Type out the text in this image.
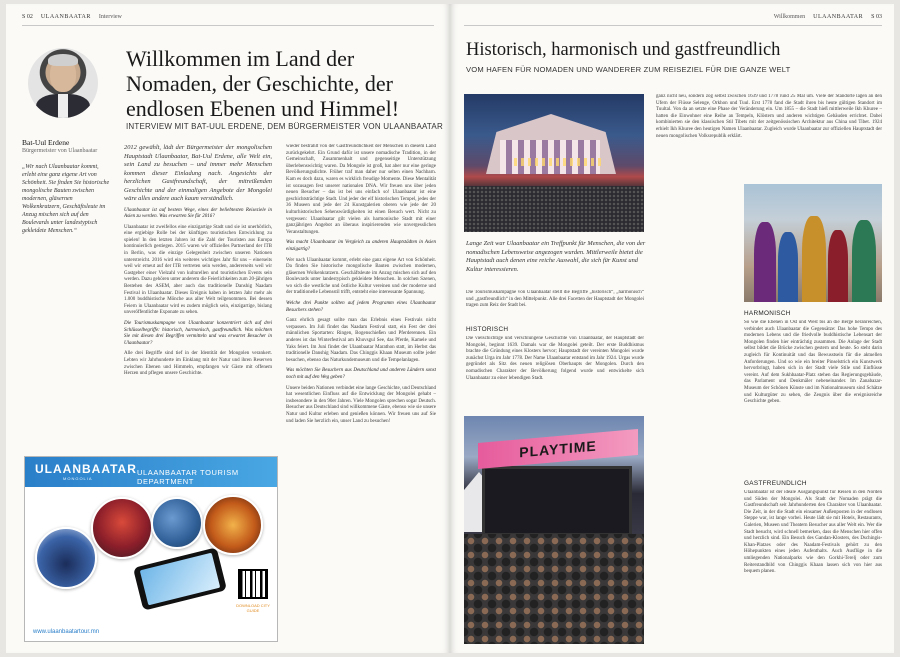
S 02 ULAANBAATAR Interview
Willkommen im Land der Nomaden, der Geschichte, der endlosen Ebenen und Himmel!
INTERVIEW MIT BAT-UUL ERDENE, DEM BÜRGERMEISTER VON ULAANBAATAR
Bat-Uul Erdene
Bürgermeister von Ulaanbaatar
„Wir nach Ulaanbaatar kommt, erlebt eine ganz eigene Art von Schönheit. Sie finden Sie historische mongolische Bauten zwischen modernen, gläsernen Wolkenkratzern, Geschäftsleute im Anzug mischen sich auf den Boulevards unter landestypisch gekleidete Menschen.“

2012 gewählt, lädt der Bürgermeister der mongolischen Hauptstadt Ulaanbaatar, Bat-Uul Erdene, alle Welt ein, sein Land zu besuchen – und immer mehr Menschen kommen dieser Einladung nach. Angesichts der herzlichen Gastfreundschaft, der mitreißenden Geschichte und der einmaligen Angebote der Mongolei wäre alles andere auch kaum verständlich.

Ulaanbaatar ist auf bestem Wege, eines der beliebtesten Reiseziele in Asien zu werden. Was erwarten Sie für 2016?

Ulaanbaatar ist zweifellos eine einzigartige Stadt und sie ist unerhörlich, eine ergiebige Rolle bei der künftigen touristischen Entwicklung zu spielen! In den letzten Jahren ist die Zahl der Touristen aus Europa kontinuierlich gestiegen. 2015 waren wir offizielles Partnerland der ITB in Berlin, was die einzige Gelegenheit zwischen unseren Nationen unterstreicht. 2016 wird ein weiteres wichtiges Jahr für uns – einerseits weil wir erneut auf der ITB vertreten sein werden, andererseits weil wir Gastgeber einer Vielzahl von kulturellen und touristischen Events sein werden. Dazu gehören unter anderem die Feierlichkeiten zum 20-jährigen Bestehen des ASEM, aber auch das traditionelle Danshig Naadam Festival in Ulaanbaatar. Dieses Ereignis haben in letzten Jahr mehr als 1.000 buddhistische Mönche aus aller Welt teilgenommen. Bei dessen Feiern in Ulaanbaatar wird es zudem möglich sein, einzigartige, bislang unveröffentlichte Exponate zu sehen.

Die Tourismuskampagne von Ulaanbaatar konzentriert sich auf drei Schlüsselbegriffe: historisch, harmonisch, gastfreundlich. Was möchten Sie mit diesen drei Begriffen vermitteln und was erwartet Besucher in Ulaanbaatar?

Alle drei Begriffe sind tief in der Identität der Mongolen verankert. Lebten wir Jahrhunderte im Einklang mit der Natur und ihren Reserven zwischen Ebenen und Himmeln, empfangen wir Gäste mit offenem Herzen und pflegen unsere Geschichte.

wieder bestrahlt von der Gastfreundlichkeit der Menschen in diesem Land zurückgekehrt. Ein Grund dafür ist unsere nomadische Tradition, in der Gemeinschaft, Zusammenhalt und gegenseitige Unterstützung überlebenswichtig waren. Da Mongole ist groß, hat aber nur eine geringe Bevölkerungsdichte. Früher traf man daher nur selten einen Nachbarn. Kam es doch dazu, waren es wirklich freudige Momente. Diese Mentalität ist sozusagen fest unserer nationalen DNA. Wir freuen uns über jeden neuen Besucher – das ist bei uns einfach so! Ulaanbaatar ist eine geschichtsträchtige Stadt. Und jeder der elf historischen Tempel, jedes der 36 Museen und jede der 24 Kunstgalerien oberen wie jede der 20 kulturhistorischen Sehenswürdigkeiten ist einen Besuch wert. Nicht zu vergessen: Ulaanbaatar gilt vielen als harmonische Stadt mit einer ganzjährigen Angebot an überaus inspirierenden wie unvergesslichen Veranstaltungen.

Was macht Ulaanbaatar im Vergleich zu anderen Hauptstädten in Asien einzigartig?

Wer nach Ulaanbaatar kommt, erlebt eine ganz eigene Art von Schönheit. Da finden Sie historische mongolische Bauten zwischen modernen, gläsernen Wolkenkratzern. Geschäftsleute im Anzug mischen sich auf den Boulevards unter landestypisch gekleidete Menschen. In solchen Szenen, wo sich die westliche und östliche Kultur vereinen und der moderne und der traditionelle Lebensstil trifft, entsteht eine interessante Spannung.

Welche drei Punkte sollten auf jedem Programm eines Ulaanbaatar Besuchers stehen?

Ganz ehrlich gesagt sollte man das Erlebnis eines Festivals nicht verpassen. Im Juli findet das Naadam Festival statt, ein Fest der drei männlichen Sportarten: Ringen, Bogenschießen und Pferderennen. Ein anderes ist das Winterfestival am Khuvsgul See, das Pferde, Kamele und Yaks feiert. Im Juni findet der Ulaanbaatar Marathon statt, im Herbst das traditionelle Danshig Naadam. Das Chinggis Khaan Museum sollte jeder besuchen, ebenso das Naturkundemuseum und die Tempelanlagen.

Was möchten Sie Besuchern aus Deutschland und anderen Ländern sonst noch mit auf den Weg geben?

Unsere beiden Nationen verbindet eine lange Geschichte, und Deutschland hat wesentlichen Einfluss auf die Entwicklung der Mongolei gehabt – insbesondere in den 90er Jahren. Viele Mongolen sprechen sogar Deutsch. Besucher aus Deutschland sind willkommene Gäste, ebenso wie sie unsere Natur und Kultur erleben und genießen können. Wir freuen uns auf Sie und laden Sie herzlich ein, unser Land zu besuchen!

ULAANBAATAR
MONGOLIA
ULAANBAATAR TOURISM DEPARTMENT
DOWNLOAD CITY GUIDE
www.ulaanbaatartour.mn
Willkommen ULAANBAATAR S 03
Historisch, harmonisch und gastfreundlich
VOM HAFEN FÜR NOMADEN UND WANDERER ZUM REISEZIEL FÜR DIE GANZE WELT
Lange Zeit war Ulaanbaatar ein Treffpunkt für Menschen, die von der nomadischen Lebensweise angezogen wurden. Mittlerweile bietet die Hauptstadt auch denen eine reiche Auswahl, die sich für Kunst und Kultur interessieren.

Die Tourismuskampagne von Ulaanbaatar stellt die Begriffe „historisch“, „harmonisch“ und „gastfreundlich“ in den Mittelpunkt. Alle drei Facetten der Hauptstadt der Mongolei tragen zum Reiz der Stadt bei.

HISTORISCH

Die vielschichtige und verschlungene Geschichte von Ulaanbaatar, der Hauptstadt der Mongolei, beginnt 1639. Damals war die Mongolei geteilt. Der erste Buddhismus brachte die Gründung eines Klosters hervor; Hauptstadt der vereinten Mongolei wurde zunächst Urga im Jahr 1778. Der Name Ulaanbaatar entstand im Jahr 1924. Urgas wurde gegründet als Sitz des neuen religiösen Oberhaupts der Mongolen. Durch den nomadischen Charakter der Bevölkerung folgend wurde und entwickelte sich Ulaanbaatar zu einer lebendigen Stadt.

ganz nicht neu, sondern zog selbst zwischen 1639 und 1778 rund 25 Mal um. Viele der Standorte lagen an den Ufern der Flüsse Selenge, Orkhon und Tuul. Erst 1778 fand die Stadt ihren bis heute gültigen Standort im Tuultal. Von da an setzte eine Phase der Veränderung ein. Um 1855 – die Stadt hieß mittlerweile Ikh Khuree – hatten die Einwohner eine Reihe an Tempeln, Klöstern und anderen wichtigen Gebäuden errichtet. Dabei kombinierten sie den klassischen Stil Tibets mit der zeitgenössischen Architektur aus China und Tibet. 1924 erhielt Ikh Khuree den heutigen Namen Ulaanbaatar. Zugleich wurde Ulaanbaatar zur offiziellen Hauptstadt der neuen mongolischen Volksrepublik erklärt.

PLAYTIME
HARMONISCH

So wie die Ebenen in Ost und West bis an die Berge heranreichen, verbindet auch Ulaanbaatar die Gegensätze: Das hohe Tempo des modernen Lebens und die friedvolle buddhistische Lebensart der Mongolen finden hier einträchtig zusammen. Die Anlage der Stadt selbst bildet die Brücke zwischen gestern und heute. So steht darin zugleich für Kontinuität und das Bewusstsein für die aktuellen Anforderungen. Und so wie ein breiter Pinselstrich ein Kunstwerk hervorbringt, haben sich in der Stadt viele Stile und Einflüsse vereint. Auf dem Sukhbaatar-Platz stehen das Regierungsgebäude, das Parlament und Denkmäler nebeneinander. Im Zanabazar-Museum der Schönen Künste und im Nationalmuseum sind Schätze und Kulturgüter zu sehen, die Zeugnis über die ereignisreiche Geschichte geben.

GASTFREUNDLICH

Ulaanbaatar ist der ideale Ausgangspunkt für Reisen in den Norden und Süden der Mongolei. Als Stadt der Nomaden prägt die Gastfreundschaft seit Jahrhunderten den Charakter von Ulaanbaatar. Die Zeit, in der die Stadt ein einsamer Außenposten in der endlosen Steppe war, ist lange vorbei. Heute lädt sie mit Hotels, Restaurants, Galerien, Museen und Theatern Besucher aus aller Welt ein. Wer die Stadt besucht, wird schnell bemerken, dass die Menschen hier offen und herzlich sind. Ein Besuch des Gandan-Klosters, des Dschingis-Khan-Platzes oder des Naadam-Festivals gehört zu den Höhepunkten eines jeden Aufenthalts. Auch Ausflüge in die umliegenden Nationalparks wie den Gorkhi-Terelj oder zum Reiterstandbild von Chinggis Khaan lassen sich von hier aus bequem planen.
